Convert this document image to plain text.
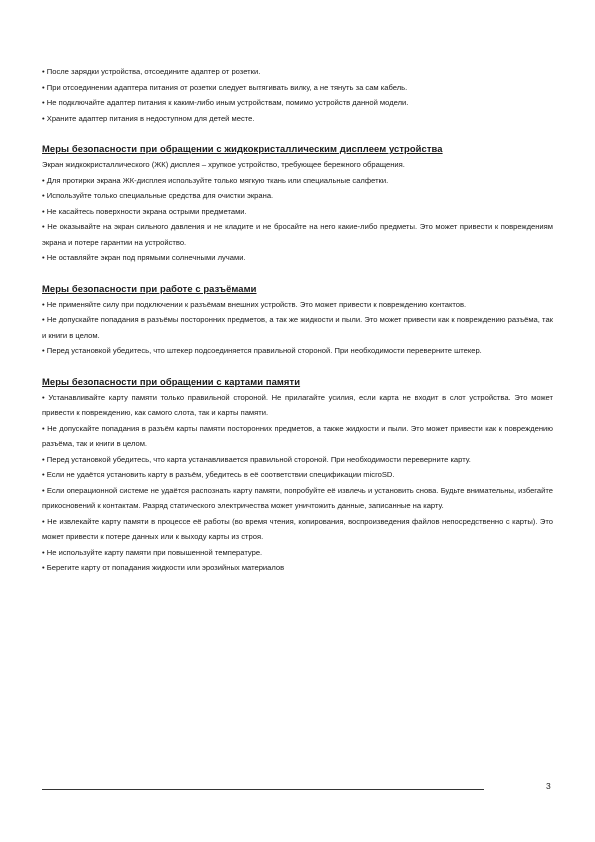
• После зарядки устройства, отсоедините адаптер от розетки.

• При отсоединении адаптера питания от розетки следует вытягивать вилку, а не тянуть за сам кабель.

• Не подключайте адаптер питания к каким-либо иным устройствам, помимо устройств данной модели.

• Храните адаптер питания в недоступном для детей месте.

Меры безопасности при обращении с жидкокристаллическим дисплеем устройства

Экран жидкокристаллического (ЖК) дисплея – хрупкое устройство, требующее бережного обращения.

• Для протирки экрана ЖК-дисплея используйте только мягкую ткань или специальные салфетки.

• Используйте только специальные средства для очистки экрана.

• Не касайтесь поверхности экрана острыми предметами.

• Не оказывайте на экран сильного давления и не кладите и не бросайте на него какие-либо предметы. Это может привести к повреждениям экрана и потере гарантии на устройство.

• Не оставляйте экран под прямыми солнечными лучами.

Меры безопасности при работе с разъёмами

• Не применяйте силу при подключении к разъёмам внешних устройств. Это может привести к повреждению контактов.

• Не допускайте попадания в разъёмы посторонних предметов, а так же жидкости и пыли. Это может привести как к повреждению разъёма, так и книги в целом.

• Перед установкой убедитесь, что штекер подсоединяется правильной стороной. При необходимости переверните штекер.

Меры безопасности при обращении с картами памяти

• Устанавливайте карту памяти только правильной стороной. Не прилагайте усилия, если карта не входит в слот устройства. Это может привести к повреждению, как самого слота, так и карты памяти.

• Не допускайте попадания в разъём карты памяти посторонних предметов, а также жидкости и пыли. Это может привести как к повреждению разъёма, так и книги в целом.

• Перед установкой убедитесь, что карта устанавливается правильной стороной. При необходимости переверните карту.

• Если не удаётся установить карту в разъём, убедитесь в её соответствии спецификации microSD.

• Если операционной системе не удаётся распознать карту памяти, попробуйте её извлечь и установить снова. Будьте внимательны, избегайте прикосновений к контактам. Разряд статического электричества может уничтожить данные, записанные на карту.

• Не извлекайте карту памяти в процессе её работы (во время чтения, копирования, воспроизведения файлов непосредственно с карты). Это может привести к потере данных или к выходу карты из строя.

• Не используйте карту памяти при повышенной температуре.

• Берегите карту от попадания жидкости или эрозийных материалов

3
